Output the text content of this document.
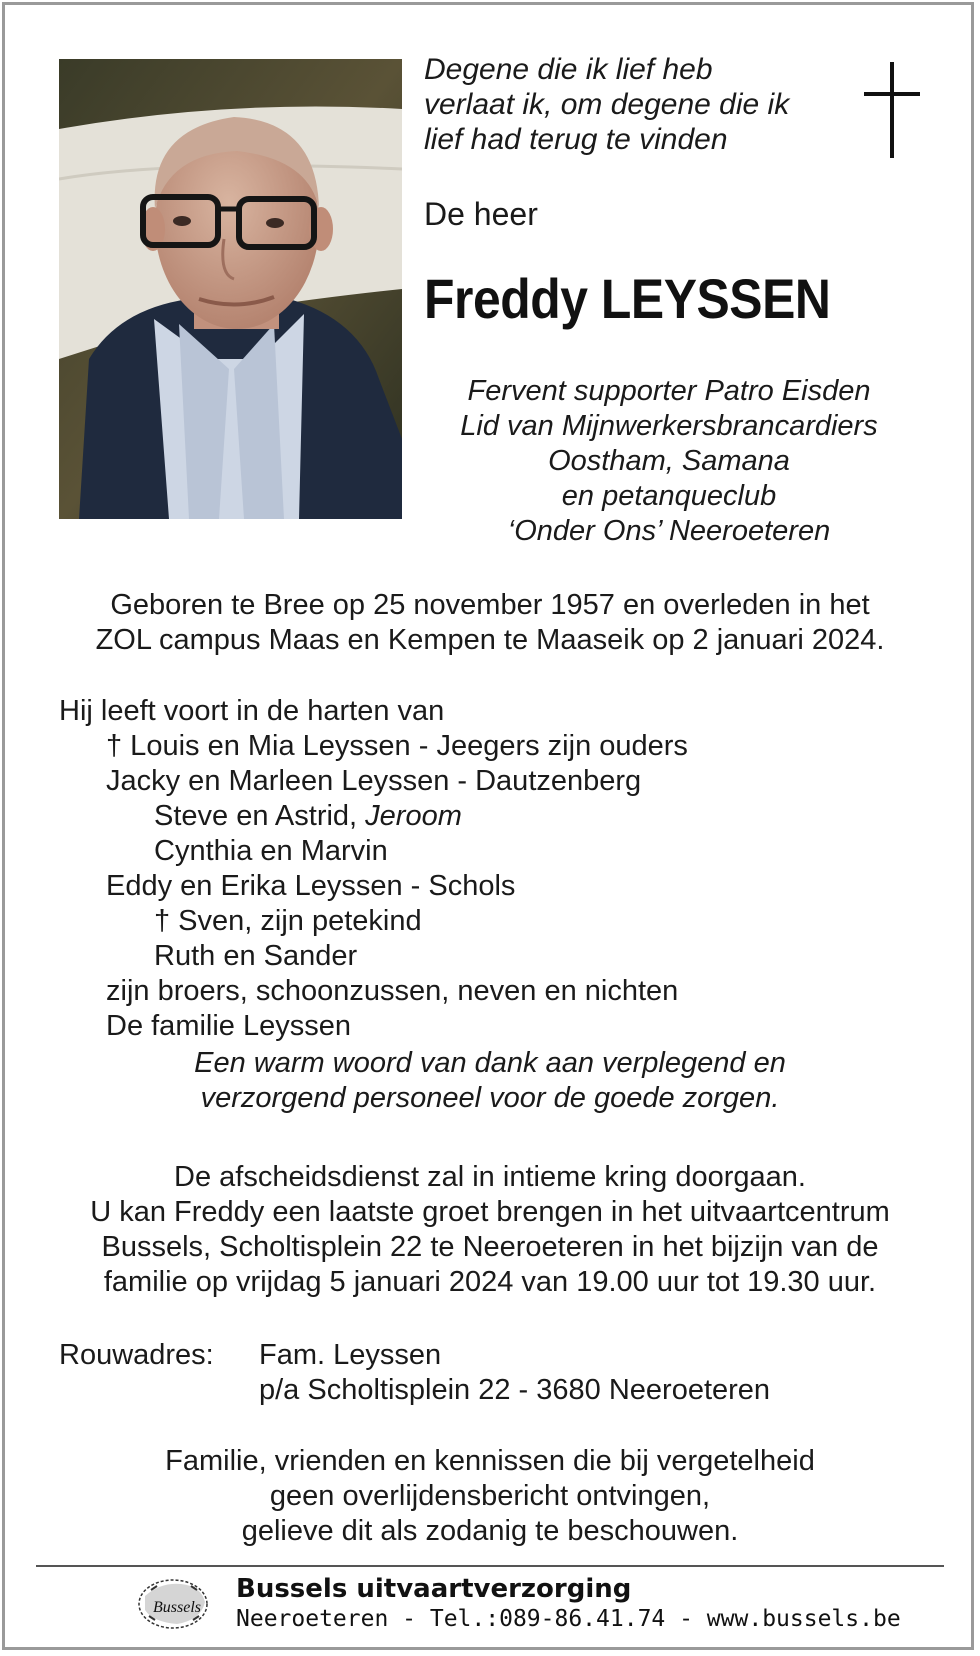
Degene die ik lief heb
verlaat ik, om degene die ik
lief had terug te vinden
De heer
Freddy LEYSSEN
Fervent supporter Patro Eisden
Lid van Mijnwerkersbrancardiers
Oostham, Samana
en petanqueclub
‘Onder Ons’ Neeroeteren
Geboren te Bree op 25 november 1957 en overleden in het
ZOL campus Maas en Kempen te Maaseik op 2 januari 2024.
Hij leeft voort in de harten van
† Louis en Mia Leyssen - Jeegers zijn ouders
Jacky en Marleen Leyssen - Dautzenberg
Steve en Astrid, Jeroom
Cynthia en Marvin
Eddy en Erika Leyssen - Schols
† Sven, zijn petekind
Ruth en Sander
zijn broers, schoonzussen, neven en nichten
De familie Leyssen
Een warm woord van dank aan verplegend en
verzorgend personeel voor de goede zorgen.
De afscheidsdienst zal in intieme kring doorgaan.
U kan Freddy een laatste groet brengen in het uitvaartcentrum
Bussels, Scholtisplein 22 te Neeroeteren in het bijzijn van de
familie op vrijdag 5 januari 2024 van 19.00 uur tot 19.30 uur.
Rouwadres: Fam. Leyssen
p/a Scholtisplein 22 - 3680 Neeroeteren
Familie, vrienden en kennissen die bij vergetelheid
geen overlijdensbericht ontvingen,
gelieve dit als zodanig te beschouwen.
Bussels
Bussels uitvaartverzorging
Neeroeteren - Tel.:089-86.41.74 - www.bussels.be
